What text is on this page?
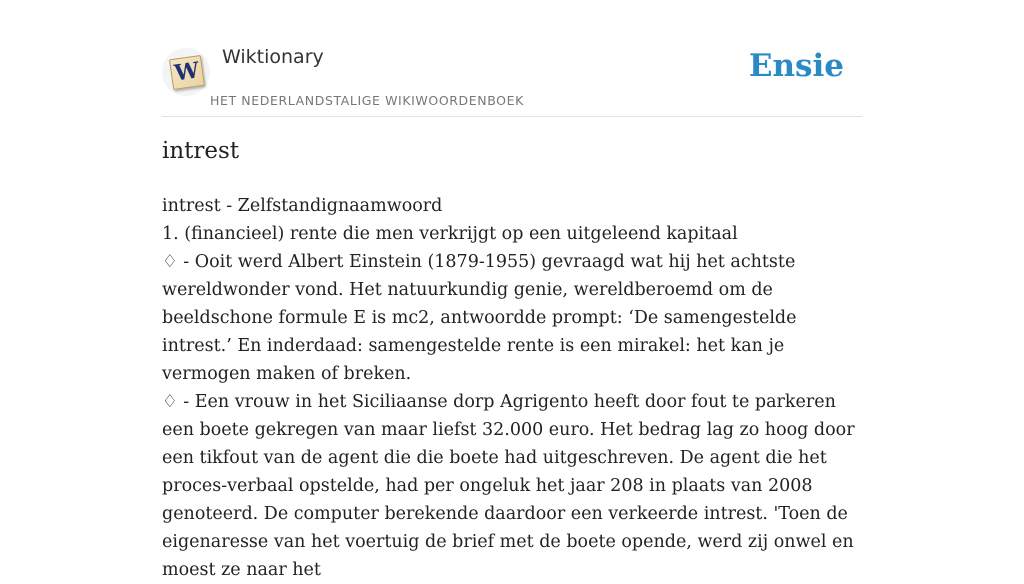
W
Wiktionary
HET NEDERLANDSTALIGE WIKIWOORDENBOEK
Ensie
intrest

intrest - Zelfstandignaamwoord

1. (financieel) rente die men verkrijgt op een uitgeleend kapitaal

♢ - Ooit werd Albert Einstein (1879-1955) gevraagd wat hij het achtste wereldwonder vond. Het natuurkundig genie, wereldberoemd om de beeldschone formule E is mc2, antwoordde prompt: ‘De samengestelde intrest.’ En inderdaad: samengestelde rente is een mirakel: het kan je vermogen maken of breken.

♢ - Een vrouw in het Siciliaanse dorp Agrigento heeft door fout te parkeren een boete gekregen van maar liefst 32.000 euro. Het bedrag lag zo hoog door een tikfout van de agent die die boete had uitgeschreven. De agent die het proces-verbaal opstelde, had per ongeluk het jaar 208 in plaats van 2008 genoteerd. De computer berekende daardoor een verkeerde intrest. 'Toen de eigenaresse van het voertuig de brief met de boete opende, werd zij onwel en moest ze naar het
